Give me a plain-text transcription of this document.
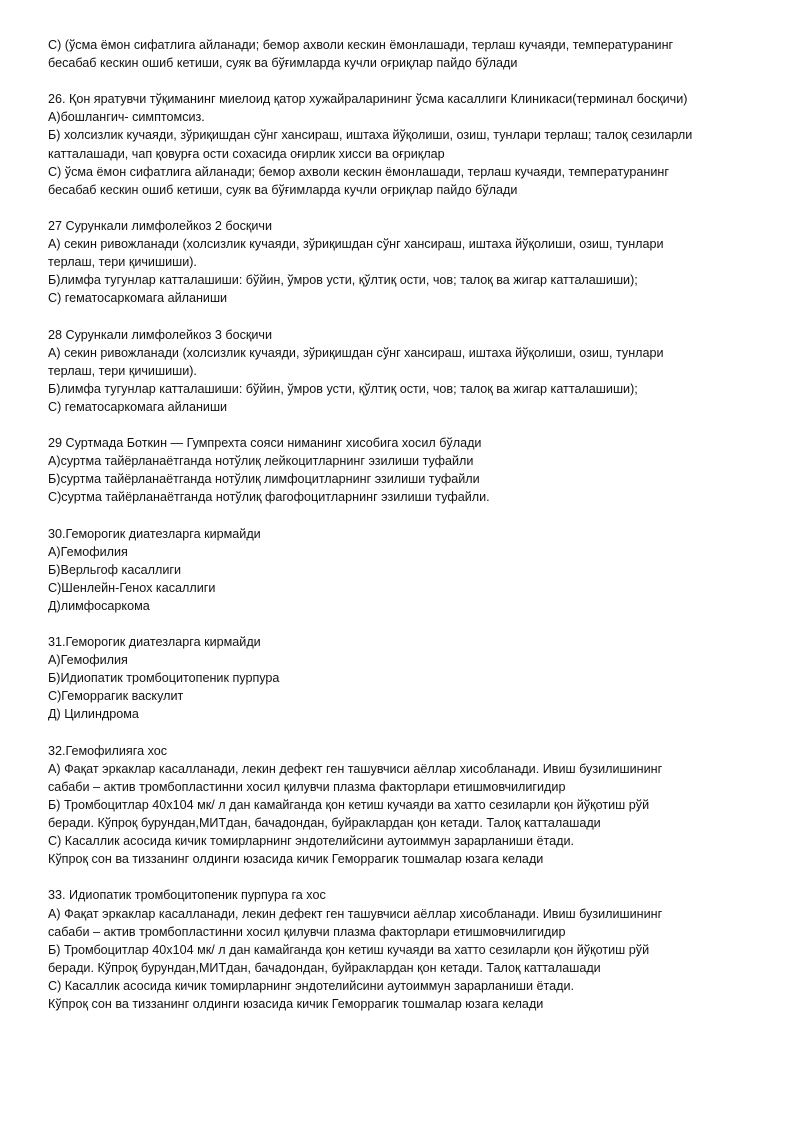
С) (ўсма ёмон сифатлига айланади; бемор ахволи кескин ёмонлашади, терлаш кучаяди, температуранинг
бесабаб кескин ошиб кетиши, суяк ва бўғимларда кучли оғриқлар пайдо бўлади
26. Қон яратувчи тўқиманинг миелоид қатор хужайраларининг ўсма касаллиги Клиникаси(терминал босқичи)
А)бошлангич- симптомсиз.
Б) холсизлик кучаяди, зўриқишдан сўнг хансираш, иштаха йўқолиши, озиш, тунлари терлаш; талоқ сезиларли
катталашади, чап қовурға ости сохасида оғирлик хисси ва оғриқлар
С) ўсма ёмон сифатлига айланади; бемор ахволи кескин ёмонлашади, терлаш кучаяди, температуранинг
бесабаб кескин ошиб кетиши, суяк ва бўғимларда кучли оғриқлар пайдо бўлади
27 Сурункали лимфолейкоз 2 босқичи
А) секин ривожланади (холсизлик кучаяди, зўриқишдан сўнг хансираш, иштаха йўқолиши, озиш, тунлари
терлаш, тери қичишиши).
Б)лимфа тугунлар катталашиши: бўйин, ўмров усти, қўлтиқ ости, чов; талоқ ва жигар катталашиши);
С) гематосаркомага айланиши
28 Сурункали лимфолейкоз 3 босқичи
А) секин ривожланади (холсизлик кучаяди, зўриқишдан сўнг хансираш, иштаха йўқолиши, озиш, тунлари
терлаш, тери қичишиши).
Б)лимфа тугунлар катталашиши: бўйин, ўмров усти, қўлтиқ ости, чов; талоқ ва жигар катталашиши);
С) гематосаркомага айланиши
29 Суртмада Боткин — Гумпрехта сояси ниманинг хисобига хосил бўлади
А)суртма тайёрланаётганда нотўлиқ лейкоцитларнинг эзилиши туфайли
Б)суртма тайёрланаётганда нотўлиқ лимфоцитларнинг эзилиши туфайли
С)суртма тайёрланаётганда нотўлиқ фагофоцитларнинг эзилиши туфайли.
30.Геморогик диатезларга кирмайди
А)Гемофилия
Б)Верльгоф касаллиги
С)Шенлейн-Генох касаллиги
Д)лимфосаркома
31.Геморогик диатезларга кирмайди
А)Гемофилия
Б)Идиопатик тромбоцитопеник пурпура
С)Геморрагик васкулит
Д) Цилиндрома
32.Гемофилияга хос
А) Фақат эркаклар касалланади, лекин дефект ген ташувчиси аёллар хисобланади. Ивиш бузилишининг
сабаби – актив тромбопластинни хосил қилувчи плазма факторлари етишмовчилигидир
Б) Тромбоцитлар 40х104 мк/ л дан камайганда қон кетиш кучаяди ва хатто сезиларли қон йўқотиш рўй
беради. Кўпроқ бурундан,МИТдан, бачадондан, буйраклардан қон кетади. Талоқ катталашади
С) Касаллик асосида кичик томирларнинг эндотелийсини аутоиммун зарарланиши ётади.
Кўпроқ сон ва тиззанинг олдинги юзасида кичик Геморрагик тошмалар юзага келади
33. Идиопатик тромбоцитопеник пурпура га хос
А) Фақат эркаклар касалланади, лекин дефект ген ташувчиси аёллар хисобланади. Ивиш бузилишининг
сабаби – актив тромбопластинни хосил қилувчи плазма факторлари етишмовчилигидир
Б) Тромбоцитлар 40х104 мк/ л дан камайганда қон кетиш кучаяди ва хатто сезиларли қон йўқотиш рўй
беради. Кўпроқ бурундан,МИТдан, бачадондан, буйраклардан қон кетади. Талоқ катталашади
С) Касаллик асосида кичик томирларнинг эндотелийсини аутоиммун зарарланиши ётади.
Кўпроқ сон ва тиззанинг олдинги юзасида кичик Геморрагик тошмалар юзага келади
